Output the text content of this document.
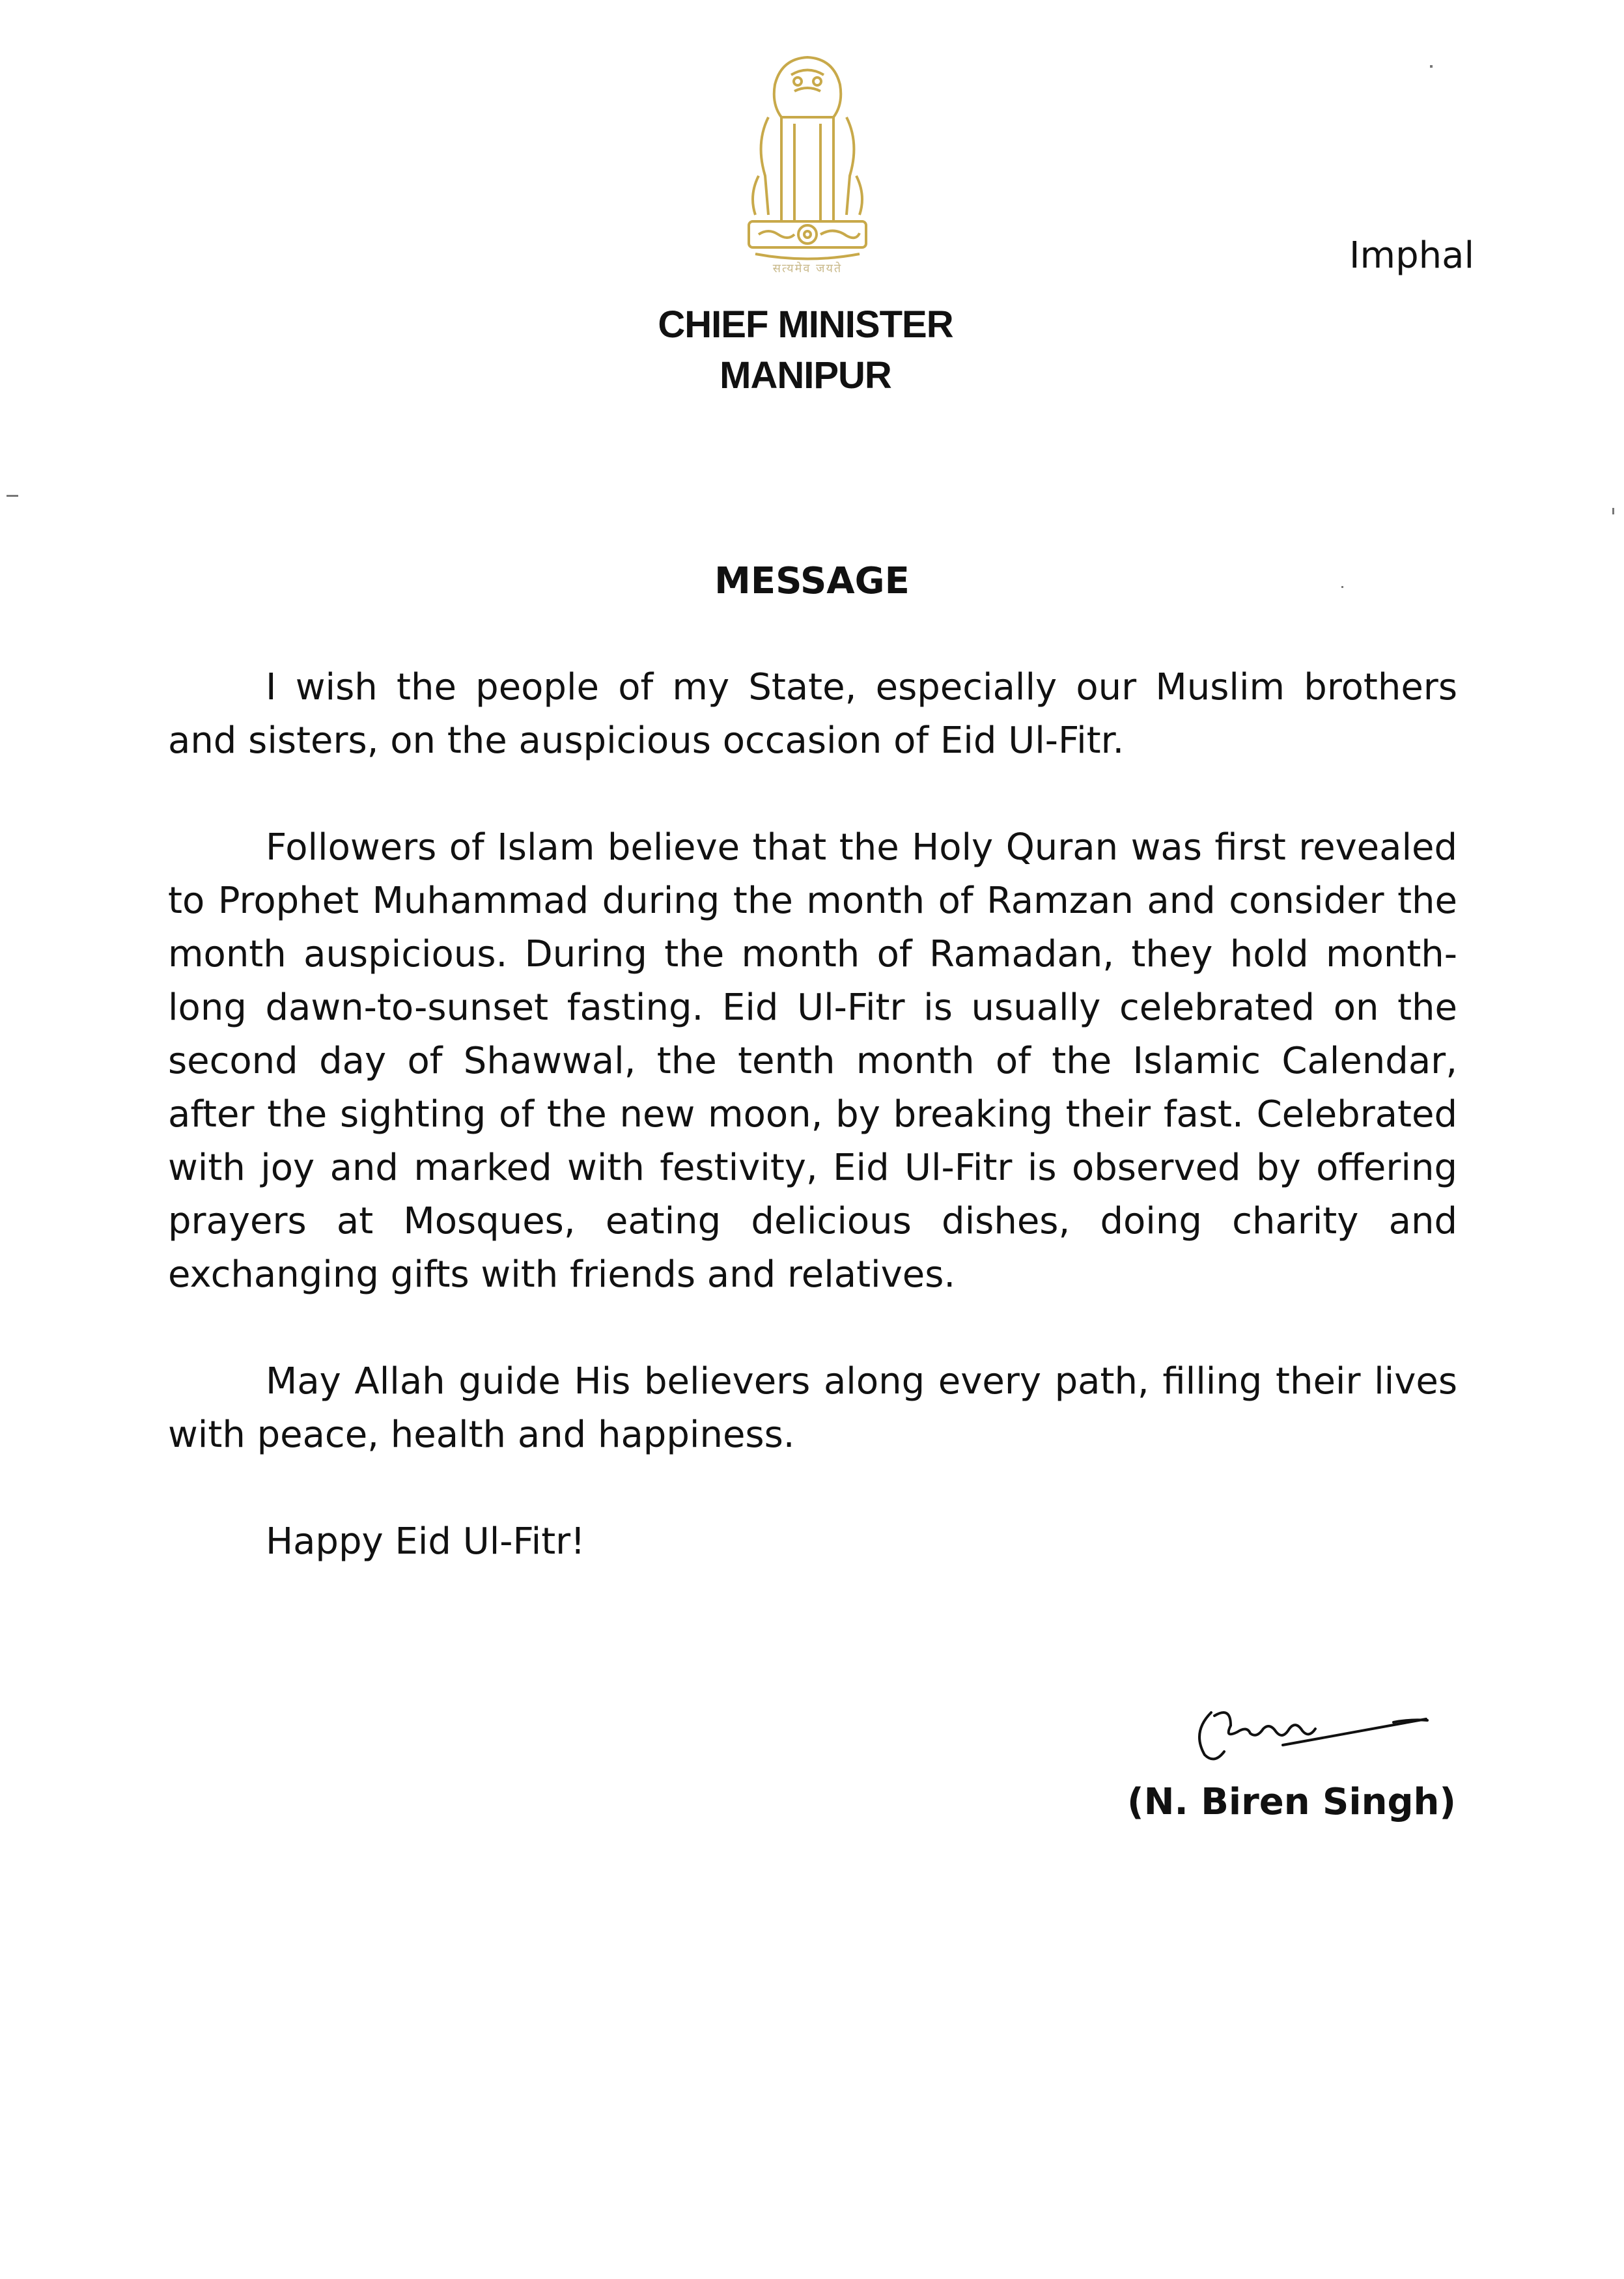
सत्यमेव जयते	Imphal
CHIEF MINISTER
MANIPUR
MESSAGE

I wish the people of my State, especially our Muslim brothers and sisters, on the auspicious occasion of Eid Ul-Fitr.

Followers of Islam believe that the Holy Quran was first revealed to Prophet Muhammad during the month of Ramzan and consider the month auspicious. During the month of Ramadan, they hold month-long dawn-to-sunset fasting. Eid Ul-Fitr is usually celebrated on the second day of Shawwal, the tenth month of the Islamic Calendar, after the sighting of the new moon, by breaking their fast. Celebrated with joy and marked with festivity, Eid Ul-Fitr is observed by offering prayers at Mosques, eating delicious dishes, doing charity and exchanging gifts with friends and relatives.

May Allah guide His believers along every path, filling their lives with peace, health and happiness.

Happy Eid Ul-Fitr!

(N. Biren Singh)
